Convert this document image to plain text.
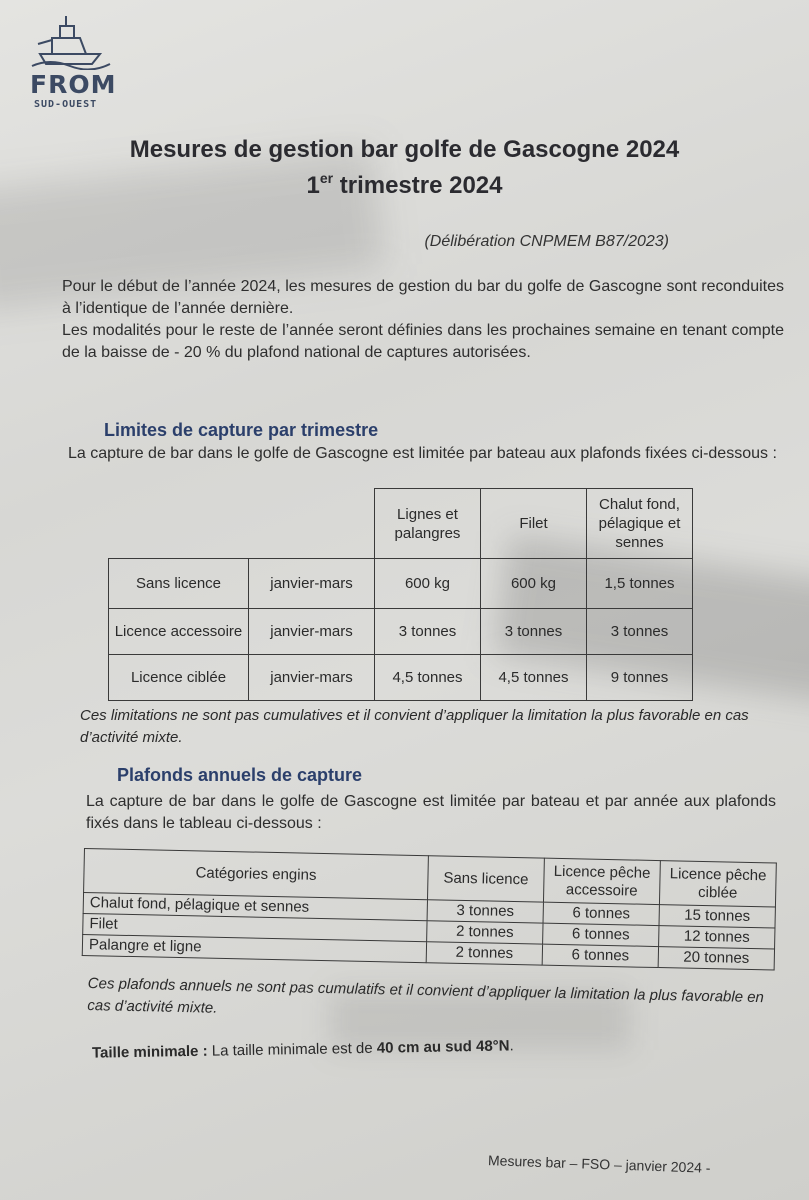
FROM
SUD-OUEST
Mesures de gestion bar golfe de Gascogne 2024
1er trimestre 2024
(Délibération CNPMEM B87/2023)

Pour le début de l’année 2024, les mesures de gestion du bar du golfe de Gascogne sont reconduites à l’identique de l’année dernière.

Les modalités pour le reste de l’année seront définies dans les prochaines semaine en tenant compte de la baisse de - 20 % du plafond national de captures autorisées.

Limites de capture par trimestre
La capture de bar dans le golfe de Gascogne est limitée par bateau aux plafonds fixées ci-dessous :
		Lignes et palangres	Filet	Chalut fond, pélagique et sennes
Sans licence	janvier-mars	600 kg	600 kg	1,5 tonnes
Licence accessoire	janvier-mars	3 tonnes	3 tonnes	3 tonnes
Licence ciblée	janvier-mars	4,5 tonnes	4,5 tonnes	9 tonnes
Ces limitations ne sont pas cumulatives et il convient d’appliquer la limitation la plus favorable en cas d’activité mixte.
Plafonds annuels de capture
La capture de bar dans le golfe de Gascogne est limitée par bateau et par année aux plafonds fixés dans le tableau ci-dessous :
Catégories engins	Sans licence	Licence pêche accessoire	Licence pêche ciblée
Chalut fond, pélagique et sennes	3 tonnes	6 tonnes	15 tonnes
Filet	2 tonnes	6 tonnes	12 tonnes
Palangre et ligne	2 tonnes	6 tonnes	20 tonnes
Ces plafonds annuels ne sont pas cumulatifs et il convient d’appliquer la limitation la plus favorable en cas d’activité mixte.
Taille minimale : La taille minimale est de 40 cm au sud 48°N.
Mesures bar – FSO – janvier 2024 -
